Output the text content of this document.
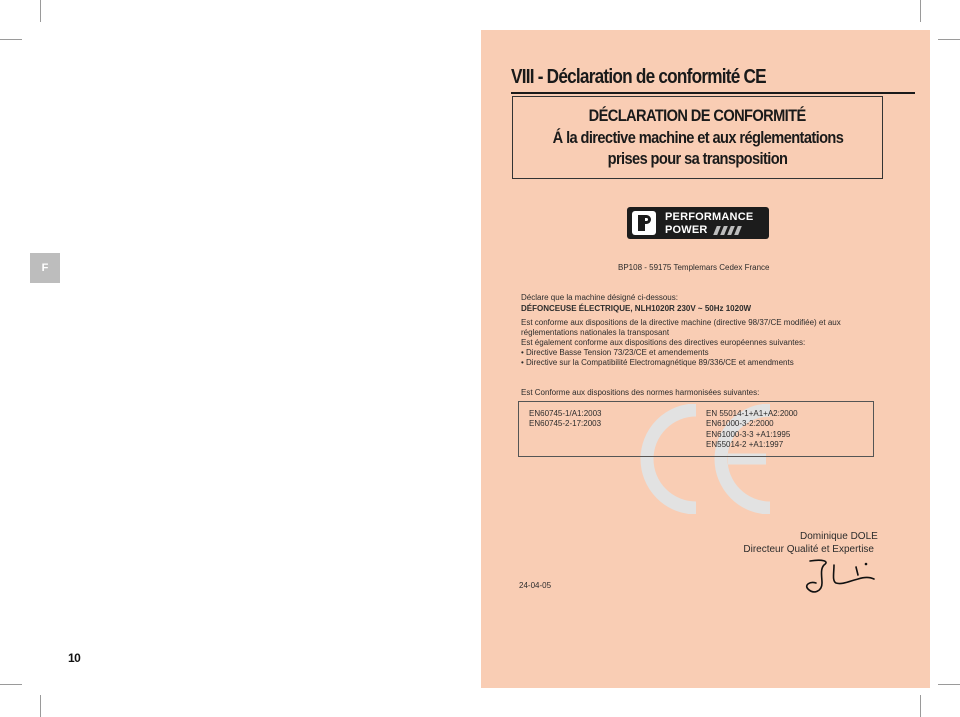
F
10
VIII - Déclaration de conformité CE
DÉCLARATION DE CONFORMITÉ
Á la directive machine et aux réglementations
prises pour sa transposition
PERFORMANCE
POWER
BP108 - 59175 Templemars Cedex France
Déclare que la machine désigné ci-dessous:
DÉFONCEUSE ÉLECTRIQUE, NLH1020R 230V ~ 50Hz 1020W
Est conforme aux dispositions de la directive machine (directive 98/37/CE modifiée) et aux
réglementations nationales la transposant
Est également conforme aux dispositions des directives européennes suivantes:
• Directive Basse Tension 73/23/CE et amendements
• Directive sur la Compatibilité Electromagnétique 89/336/CE et amendments
Est Conforme aux dispositions des normes harmonisées suivantes:
EN60745-1/A1:2003
EN60745-2-17:2003
EN 55014-1+A1+A2:2000
EN61000-3-2:2000
EN61000-3-3 +A1:1995
EN55014-2 +A1:1997
Dominique DOLE
Directeur Qualité et Expertise
24-04-05
